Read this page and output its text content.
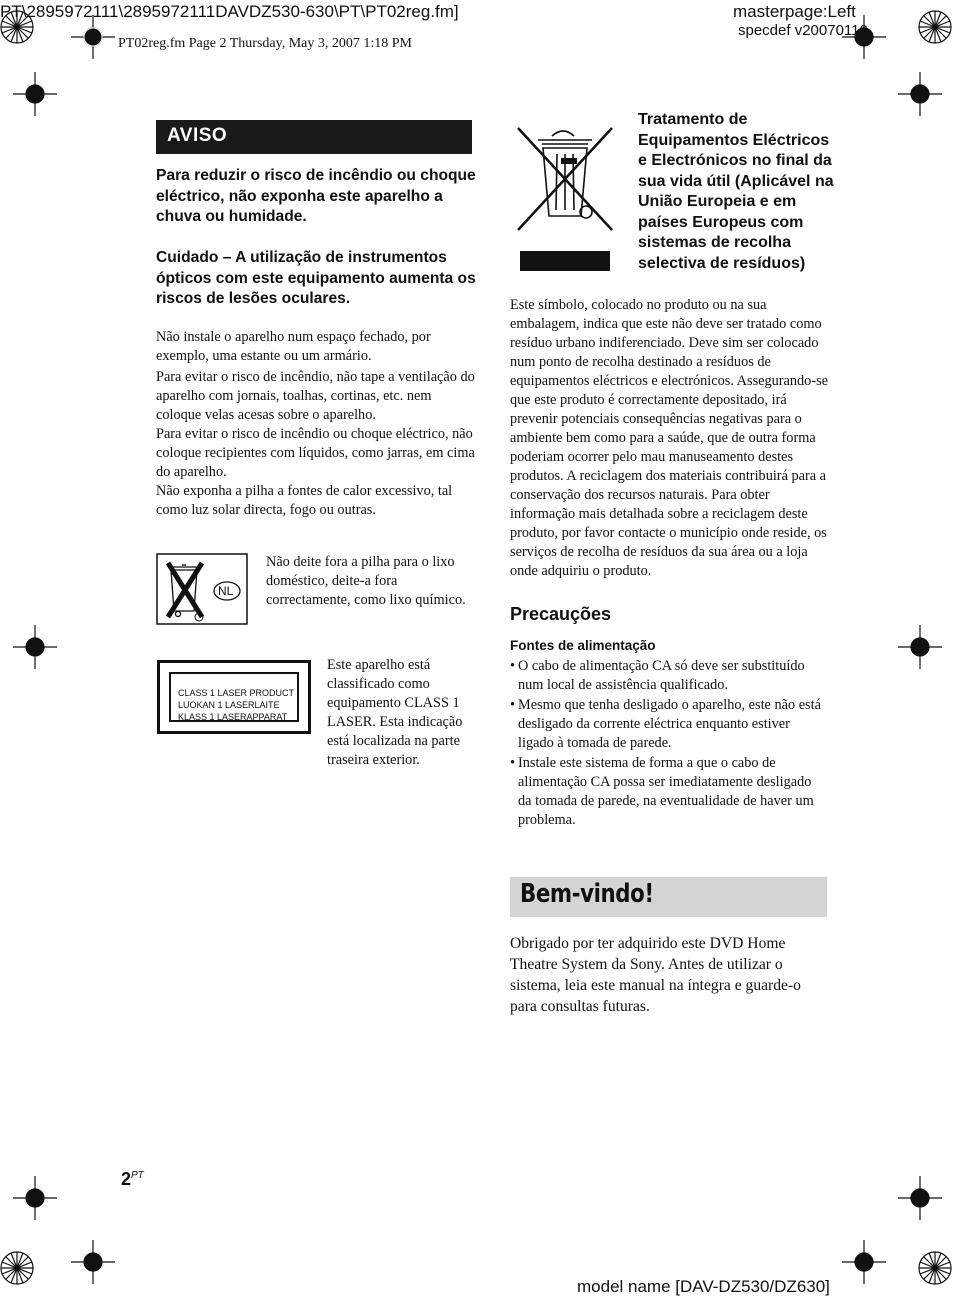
PT\2895972111\2895972111DAVDZ530-630\PT\PT02reg.fm]	masterpage:Left
specdef v20070110
PT02reg.fm Page 2 Thursday, May 3, 2007 1:18 PM
AVISO
Para reduzir o risco de incêndio ou choque eléctrico, não exponha este aparelho a chuva ou humidade.
Cuidado – A utilização de instrumentos ópticos com este equipamento aumenta os riscos de lesões oculares.
Não instale o aparelho num espaço fechado, por exemplo, uma estante ou um armário.
Para evitar o risco de incêndio, não tape a ventilação do aparelho com jornais, toalhas, cortinas, etc. nem coloque velas acesas sobre o aparelho.
Para evitar o risco de incêndio ou choque eléctrico, não coloque recipientes com líquidos, como jarras, em cima do aparelho.
Não exponha a pilha a fontes de calor excessivo, tal como luz solar directa, fogo ou outras.
NL
Não deite fora a pilha para o lixo doméstico, deite-a fora correctamente, como lixo químico.
CLASS 1 LASER PRODUCT
LUOKAN 1 LASERLAITE
KLASS 1 LASERAPPARAT
Este aparelho está classificado como equipamento CLASS 1 LASER. Esta indicação está localizada na parte traseira exterior.
Tratamento de Equipamentos Eléctricos e Electrónicos no final da sua vida útil (Aplicável na União Europeia e em países Europeus com sistemas de recolha selectiva de resíduos)
Este símbolo, colocado no produto ou na sua embalagem, indica que este não deve ser tratado como resíduo urbano indiferenciado. Deve sim ser colocado num ponto de recolha destinado a resíduos de equipamentos eléctricos e electrónicos. Assegurando-se que este produto é correctamente depositado, irá prevenir potenciais consequências negativas para o ambiente bem como para a saúde, que de outra forma poderiam ocorrer pelo mau manuseamento destes produtos. A reciclagem dos materiais contribuirá para a conservação dos recursos naturais. Para obter informação mais detalhada sobre a reciclagem deste produto, por favor contacte o município onde reside, os serviços de recolha de resíduos da sua área ou a loja onde adquiriu o produto.
Precauções
Fontes de alimentação
• O cabo de alimentação CA só deve ser substituído num local de assistência qualificado.
• Mesmo que tenha desligado o aparelho, este não está desligado da corrente eléctrica enquanto estiver ligado à tomada de parede.
• Instale este sistema de forma a que o cabo de alimentação CA possa ser imediatamente desligado da tomada de parede, na eventualidade de haver um problema.
Bem-vindo!
Obrigado por ter adquirido este DVD Home Theatre System da Sony. Antes de utilizar o sistema, leia este manual na íntegra e guarde-o para consultas futuras.
$2^{PT}$
model name [DAV-DZ530/DZ630]
